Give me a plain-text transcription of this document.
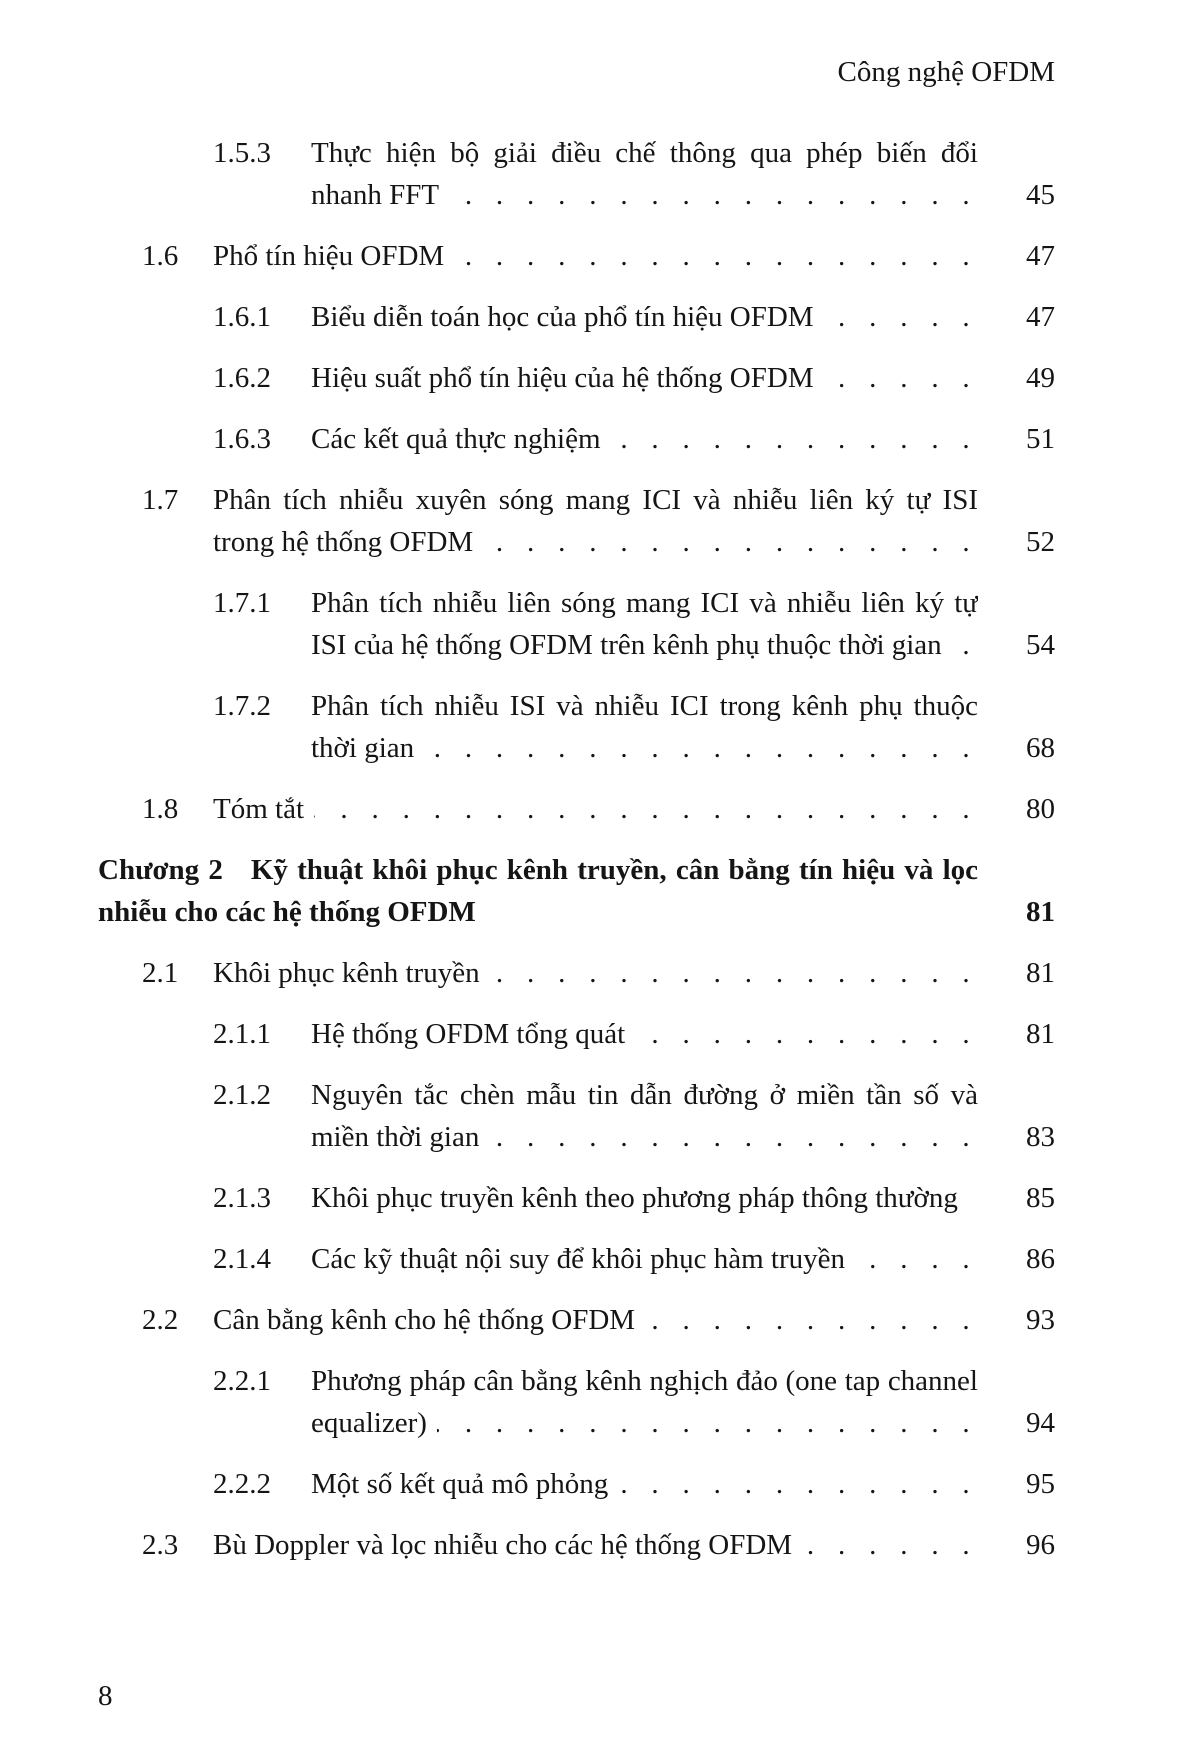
Công nghệ OFDM
1.5.3 . . . Thực hiện bộ giải điều chế thông qua phép biến đổi nhanh FFT	45
1.6 . . . Phổ tín hiệu OFDM	47
1.6.1 . . . Biểu diễn toán học của phổ tín hiệu OFDM	47
1.6.2 . . . Hiệu suất phổ tín hiệu của hệ thống OFDM	49
1.6.3 . . . Các kết quả thực nghiệm	51
1.7 . . . Phân tích nhiễu xuyên sóng mang ICI và nhiễu liên ký tự ISI trong hệ thống OFDM	52
1.7.1 . . . Phân tích nhiễu liên sóng mang ICI và nhiễu liên ký tự ISI của hệ thống OFDM trên kênh phụ thuộc thời gian	54
1.7.2 . . . Phân tích nhiễu ISI và nhiễu ICI trong kênh phụ thuộc thời gian	68
1.8 . . . Tóm tắt	80
Chương 2 Kỹ thuật khôi phục kênh truyền, cân bằng tín hiệu và lọc nhiễu cho các hệ thống OFDM	81
2.1 . . . Khôi phục kênh truyền	81
2.1.1 . . . Hệ thống OFDM tổng quát	81
2.1.2 . . . Nguyên tắc chèn mẫu tin dẫn đường ở miền tần số và miền thời gian	83
2.1.3 . . . Khôi phục truyền kênh theo phương pháp thông thường	85
2.1.4 . . . Các kỹ thuật nội suy để khôi phục hàm truyền	86
2.2 . . . Cân bằng kênh cho hệ thống OFDM	93
2.2.1 . . . Phương pháp cân bằng kênh nghịch đảo (one tap channel equalizer)	94
2.2.2 . . . Một số kết quả mô phỏng	95
2.3 . . . Bù Doppler và lọc nhiễu cho các hệ thống OFDM	96
8
